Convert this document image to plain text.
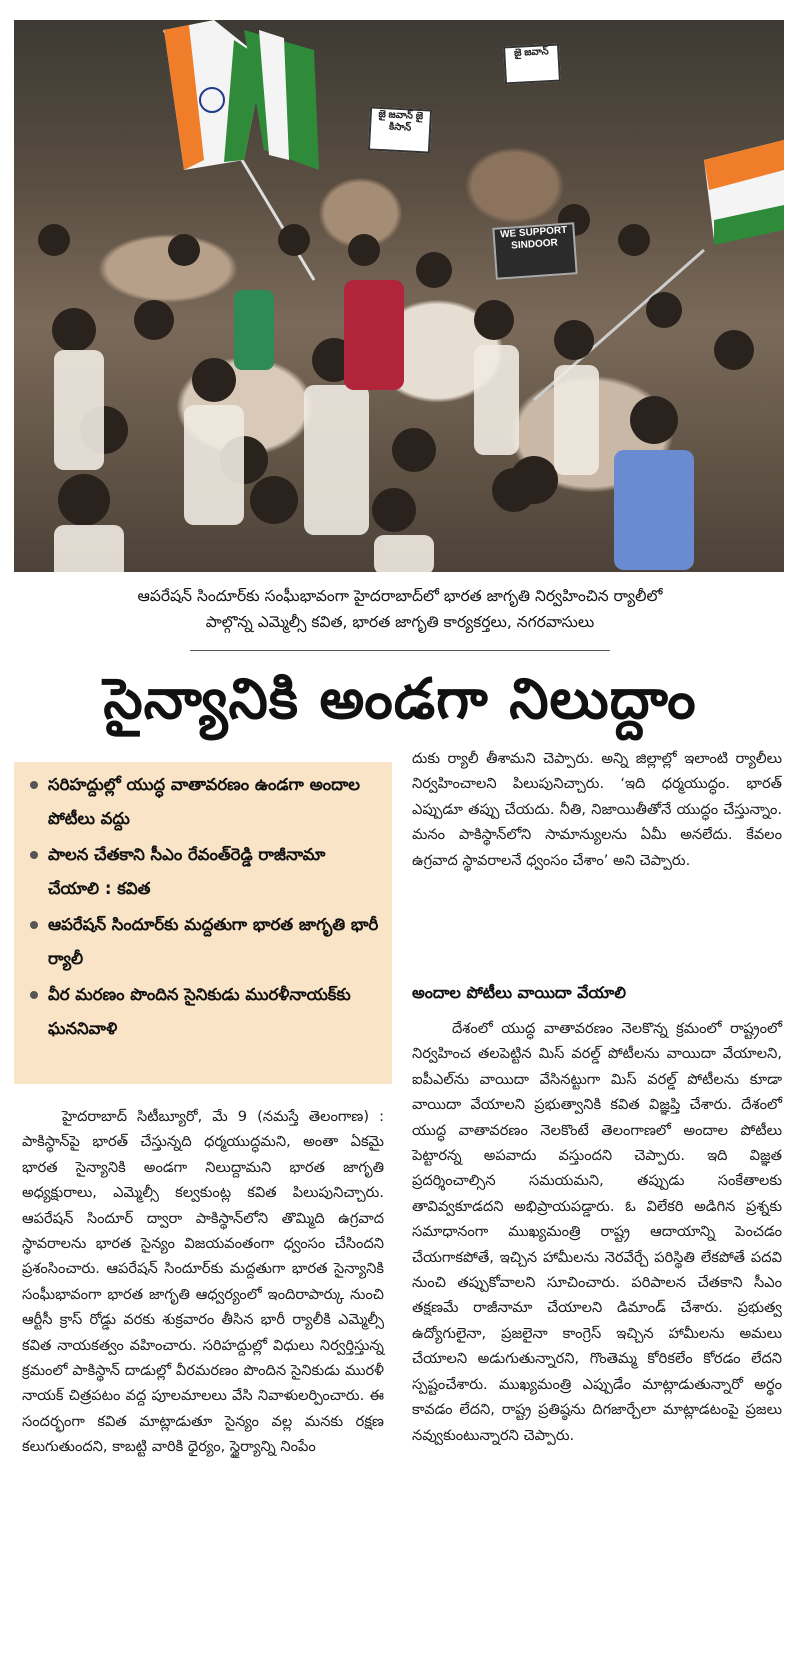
WE SUPPORT SINDOOR
జై జవాన్ జై కిసాన్
జై జవాన్
ఆపరేషన్ సిందూర్‌కు సంఘీభావంగా హైదరాబాద్‌లో భారత జాగృతి నిర్వహించిన ర్యాలీలో
పాల్గొన్న ఎమ్మెల్సీ కవిత, భారత జాగృతి కార్యకర్తలు, నగరవాసులు
సైన్యానికి అండగా నిలుద్దాం
సరిహద్దుల్లో యుద్ధ వాతావరణం ఉండగా అందాల పోటీలు వద్దు
పాలన చేతకాని సీఎం రేవంత్‌రెడ్డి రాజీనామా చేయాలి : కవిత
ఆపరేషన్ సిందూర్‌కు మద్దతుగా భారత జాగృతి భారీ ర్యాలీ
వీర మరణం పొందిన సైనికుడు మురళీనాయక్‌కు ఘననివాళి

హైదరాబాద్ సిటీబ్యూరో, మే 9 (నమస్తే తెలంగాణ) : పాకిస్థాన్‌పై భారత్ చేస్తున్నది ధర్మయుద్ధమని, అంతా ఏకమై భారత సైన్యానికి అండగా నిలుద్దామని భారత జాగృతి అధ్యక్షురాలు, ఎమ్మెల్సీ కల్వకుంట్ల కవిత పిలుపునిచ్చారు. ఆపరేషన్ సిందూర్ ద్వారా పాకిస్థాన్‌లోని తొమ్మిది ఉగ్రవాద స్థావరాలను భారత సైన్యం విజయవంతంగా ధ్వంసం చేసిందని ప్రశంసించారు. ఆపరేషన్ సిందూర్‌కు మద్దతుగా భారత సైన్యానికి సంఘీభావంగా భారత జాగృతి ఆధ్వర్యంలో ఇందిరాపార్కు నుంచి ఆర్టీసీ క్రాస్ రోడ్డు వరకు శుక్రవారం తీసిన భారీ ర్యాలీకి ఎమ్మెల్సీ కవిత నాయకత్వం వహించారు. సరిహద్దుల్లో విధులు నిర్వర్తిస్తున్న క్రమంలో పాకిస్థాన్ దాడుల్లో వీరమరణం పొందిన సైనికుడు మురళీ నాయక్ చిత్రపటం వద్ద పూలమాలలు వేసి నివాళులర్పించారు. ఈ సందర్భంగా కవిత మాట్లాడుతూ సైన్యం వల్ల మనకు రక్షణ కలుగుతుందని, కాబట్టి వారికి ధైర్యం, స్థైర్యాన్ని నింపేం

దుకు ర్యాలీ తీశామని చెప్పారు. అన్ని జిల్లాల్లో ఇలాంటి ర్యాలీలు నిర్వహించాలని పిలుపునిచ్చారు. ‘ఇది ధర్మయుద్ధం. భారత్ ఎప్పుడూ తప్పు చేయదు. నీతి, నిజాయితీతోనే యుద్ధం చేస్తున్నాం. మనం పాకిస్థాన్‌లోని సామాన్యులను ఏమీ అనలేదు. కేవలం ఉగ్రవాద స్థావరాలనే ధ్వంసం చేశాం’ అని చెప్పారు.

అందాల పోటీలు వాయిదా వేయాలి

దేశంలో యుద్ధ వాతావరణం నెలకొన్న క్రమంలో రాష్ట్రంలో నిర్వహించ తలపెట్టిన మిస్ వరల్డ్ పోటీలను వాయిదా వేయాలని, ఐపీఎల్‌ను వాయిదా వేసినట్టుగా మిస్ వరల్డ్ పోటీలను కూడా వాయిదా వేయాలని ప్రభుత్వానికి కవిత విజ్ఞప్తి చేశారు. దేశంలో యుద్ధ వాతావరణం నెలకొంటే తెలంగాణలో అందాల పోటీలు పెట్టారన్న అపవాదు వస్తుందని చెప్పారు. ఇది విజ్ఞత ప్రదర్శించాల్సిన సమయమని, తప్పుడు సంకేతాలకు తావివ్వకూడదని అభిప్రాయపడ్డారు. ఓ విలేకరి అడిగిన ప్రశ్నకు సమాధానంగా ముఖ్యమంత్రి రాష్ట్ర ఆదాయాన్ని పెంచడం చేయగాకపోతే, ఇచ్చిన హామీలను నెరవేర్చే పరిస్థితి లేకపోతే పదవి నుంచి తప్పుకోవాలని సూచించారు. పరిపాలన చేతకాని సీఎం తక్షణమే రాజీనామా చేయాలని డిమాండ్ చేశారు. ప్రభుత్వ ఉద్యోగులైనా, ప్రజలైనా కాంగ్రెస్ ఇచ్చిన హామీలను అమలు చేయాలని అడుగుతున్నారని, గొంతెమ్మ కోరికలేం కోరడం లేదని స్పష్టంచేశారు. ముఖ్యమంత్రి ఎప్పుడేం మాట్లాడుతున్నారో అర్థం కావడం లేదని, రాష్ట్ర ప్రతిష్ఠను దిగజార్చేలా మాట్లాడటంపై ప్రజలు నవ్వుకుంటున్నారని చెప్పారు.
